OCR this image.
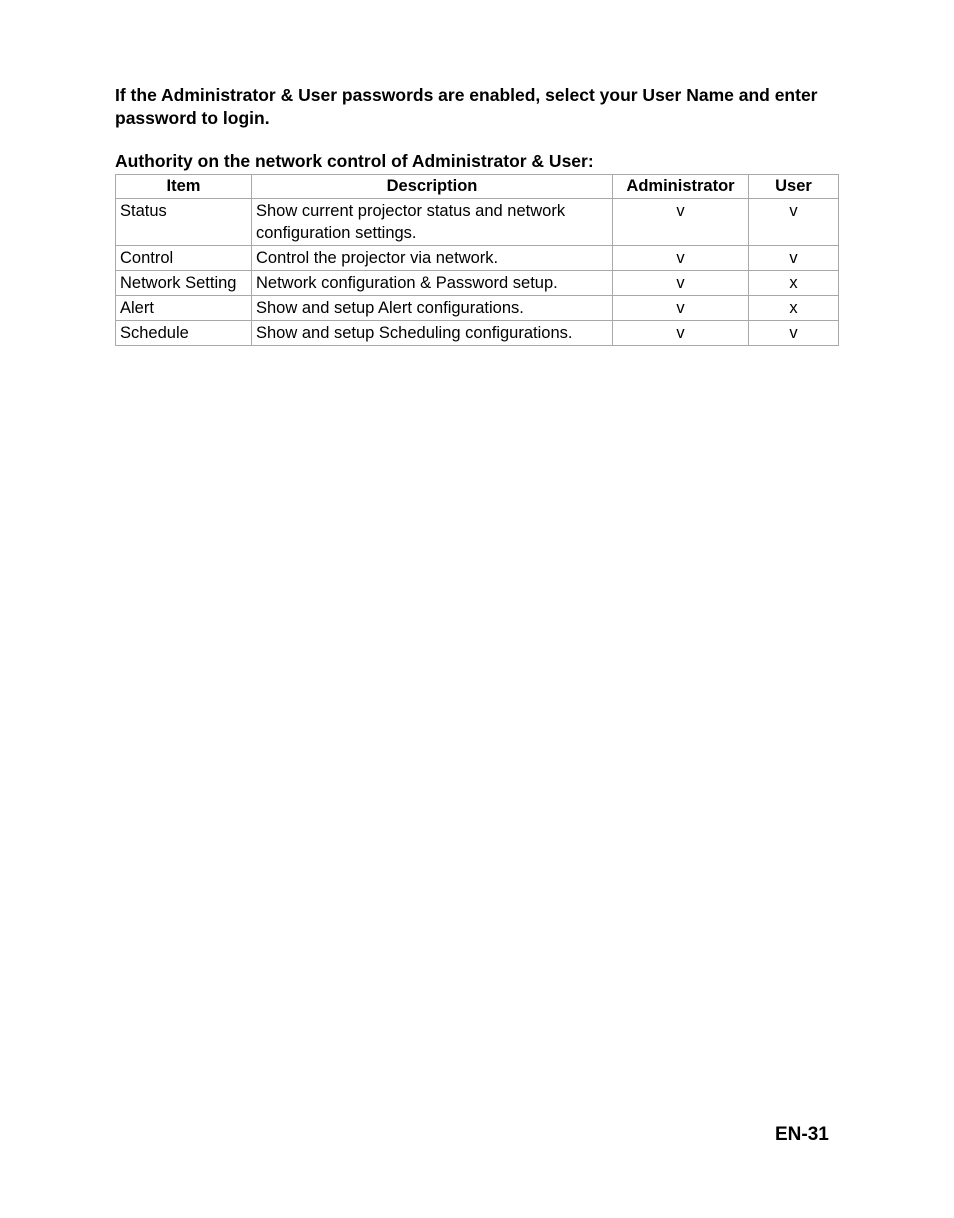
If the Administrator & User passwords are enabled, select your User Name and enter password to login.

Authority on the network control of Administrator & User:

Item	Description	Administrator	User
Status	Show current projector status and network configuration settings.	v	v
Control	Control the projector via network.	v	v
Network Setting	Network configuration & Password setup.	v	x
Alert	Show and setup Alert configurations.	v	x
Schedule	Show and setup Scheduling configurations.	v	v

EN-31
